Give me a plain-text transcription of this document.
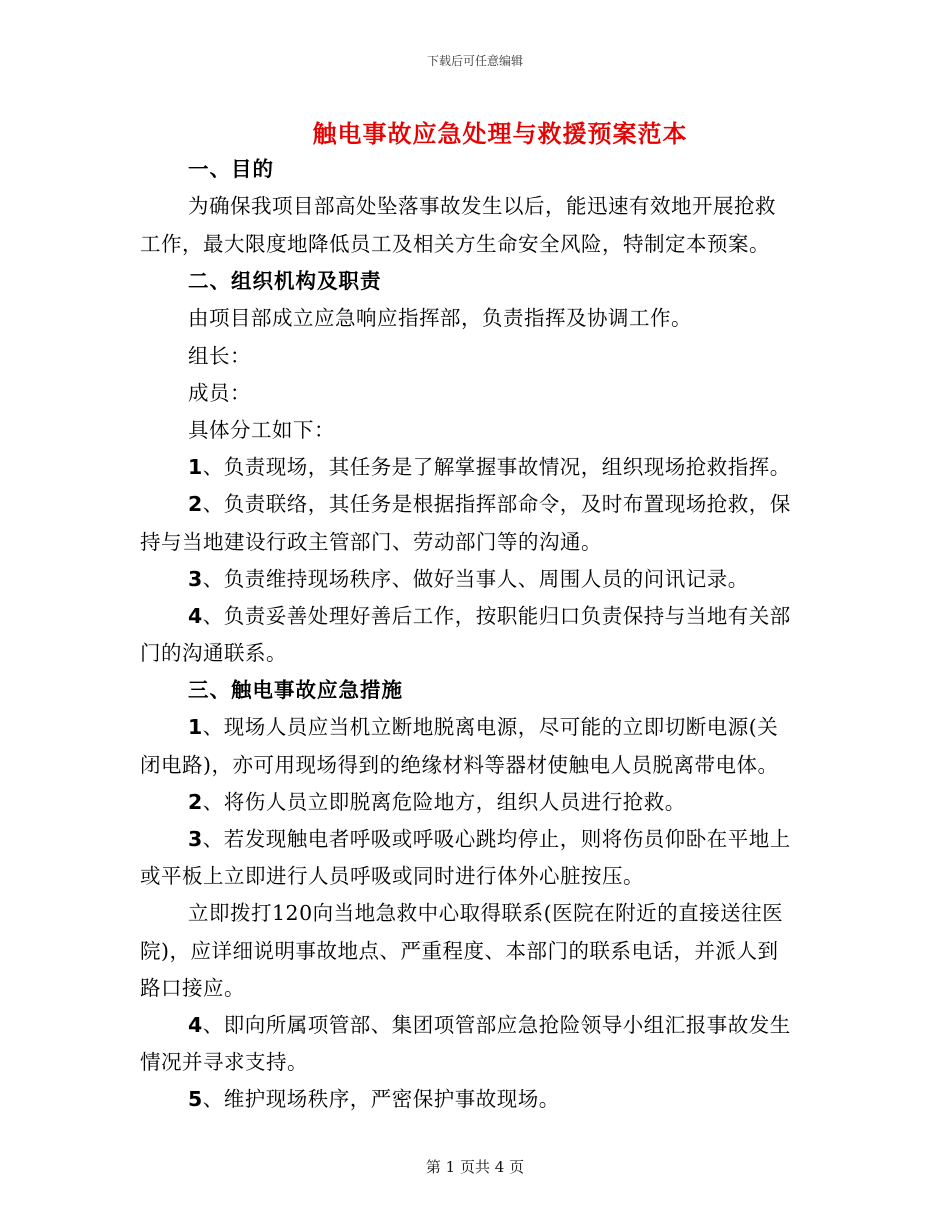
下载后可任意编辑
触电事故应急处理与救援预案范本
一、目的
为确保我项目部高处坠落事故发生以后，能迅速有效地开展抢救
工作，最大限度地降低员工及相关方生命安全风险，特制定本预案。
二、组织机构及职责
由项目部成立应急响应指挥部，负责指挥及协调工作。
组长：
成员：
具体分工如下：
1、负责现场，其任务是了解掌握事故情况，组织现场抢救指挥。
2、负责联络，其任务是根据指挥部命令，及时布置现场抢救，保
持与当地建设行政主管部门、劳动部门等的沟通。
3、负责维持现场秩序、做好当事人、周围人员的问讯记录。
4、负责妥善处理好善后工作，按职能归口负责保持与当地有关部
门的沟通联系。
三、触电事故应急措施
1、现场人员应当机立断地脱离电源，尽可能的立即切断电源(关
闭电路)，亦可用现场得到的绝缘材料等器材使触电人员脱离带电体。
2、将伤人员立即脱离危险地方，组织人员进行抢救。
3、若发现触电者呼吸或呼吸心跳均停止，则将伤员仰卧在平地上
或平板上立即进行人员呼吸或同时进行体外心脏按压。
立即拨打120向当地急救中心取得联系(医院在附近的直接送往医
院)，应详细说明事故地点、严重程度、本部门的联系电话，并派人到
路口接应。
4、即向所属项管部、集团项管部应急抢险领导小组汇报事故发生
情况并寻求支持。
5、维护现场秩序，严密保护事故现场。
第 1 页共 4 页
